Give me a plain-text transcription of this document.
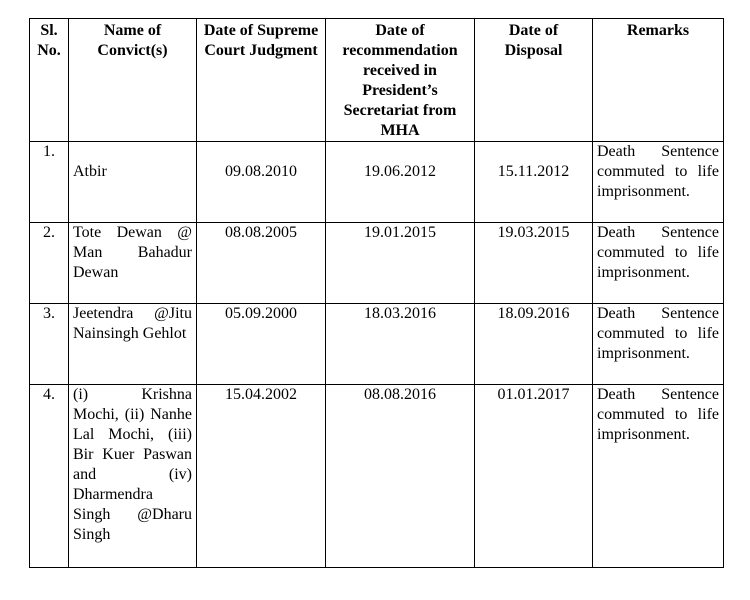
Sl. No.	Name of Convict(s)	Date of Supreme Court Judgment	Date of recommendation received in President’s Secretariat from MHA	Date of Disposal	Remarks
1.	Atbir	09.08.2010	19.06.2012	15.11.2012	Death Sentence commuted to life imprisonment.
2.	Tote Dewan @ Man Bahadur Dewan	08.08.2005	19.01.2015	19.03.2015	Death Sentence commuted to life imprisonment.
3.	Jeetendra @Jitu Nainsingh Gehlot	05.09.2000	18.03.2016	18.09.2016	Death Sentence commuted to life imprisonment.
4.	(i) Krishna Mochi, (ii) Nanhe Lal Mochi, (iii) Bir Kuer Paswan and (iv) Dharmendra Singh @Dharu Singh	15.04.2002	08.08.2016	01.01.2017	Death Sentence commuted to life imprisonment.
